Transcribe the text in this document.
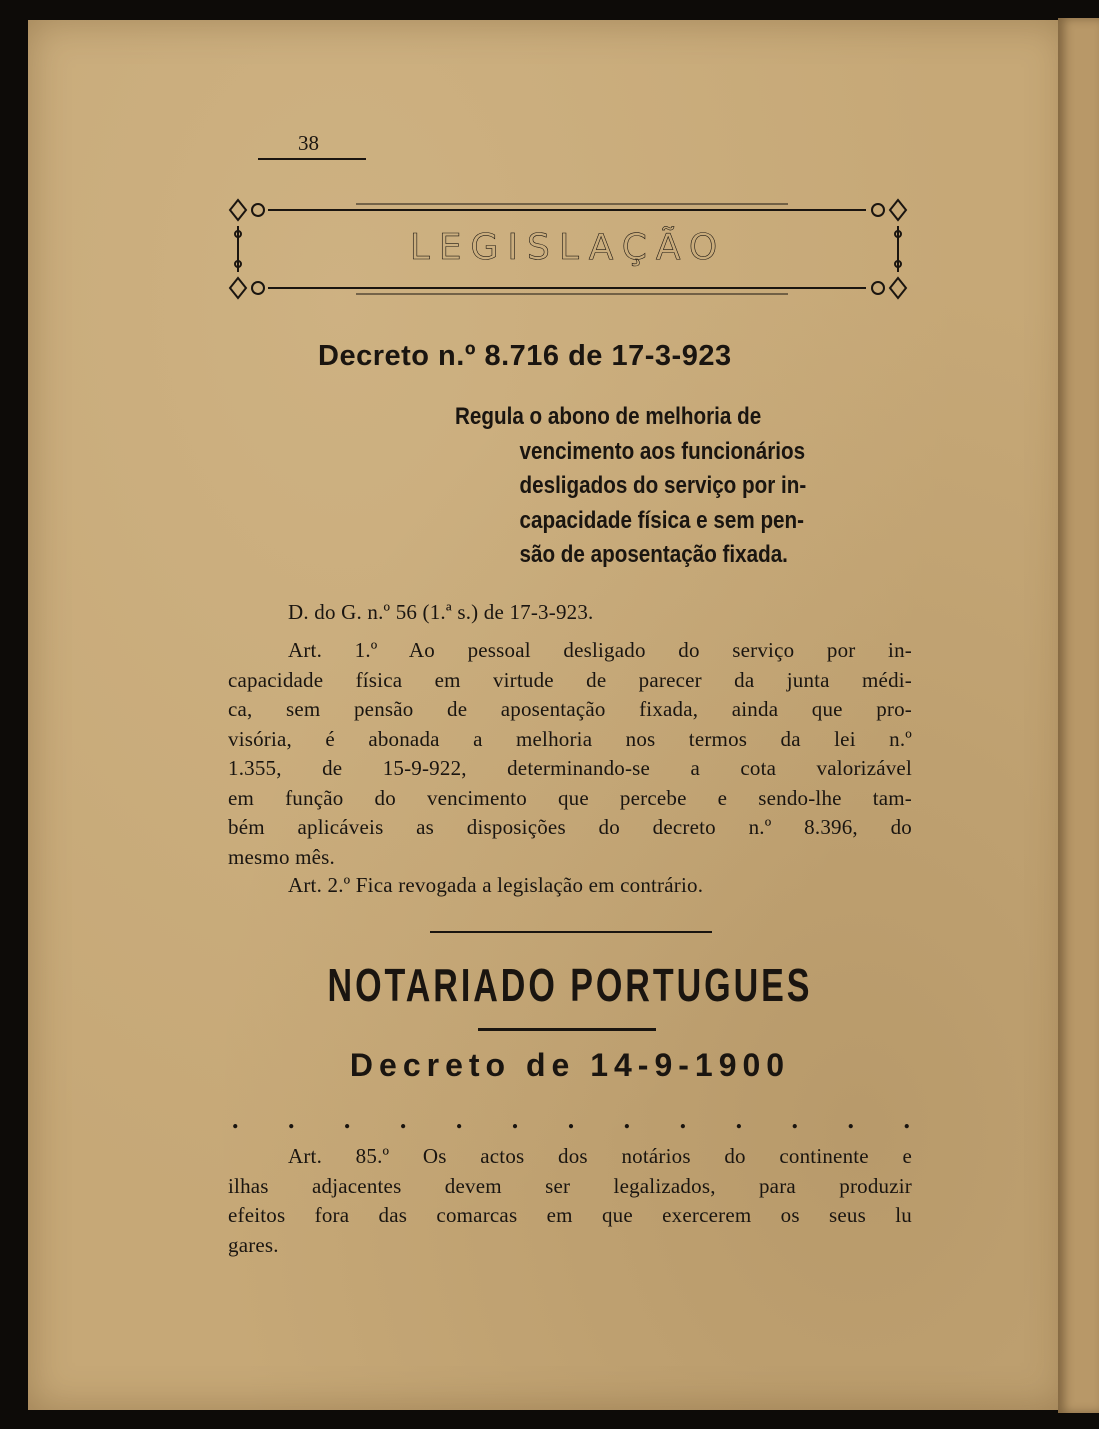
38
LEGISLAÇÃO
Decreto n.º 8.716 de 17-3-923
Regula o abono de melhoria de
vencimento aos funcionários
desligados do serviço por in-
capacidade física e sem pen-
são de aposentação fixada.
D. do G. n.º 56 (1.ª s.) de 17-3-923.
Art. 1.º Ao pessoal desligado do serviço por in-
capacidade física em virtude de parecer da junta médi-
ca, sem pensão de aposentação fixada, ainda que pro-
visória, é abonada a melhoria nos termos da lei n.º
1.355, de 15-9-922, determinando-se a cota valorizável
em função do vencimento que percebe e sendo-lhe tam-
bém aplicáveis as disposições do decreto n.º 8.396, do
mesmo mês.
Art. 2.º Fica revogada a legislação em contrário.
NOTARIADO PORTUGUES
Decreto de 14-9-1900
. . . . . . . . . . . . .
Art. 85.º Os actos dos notários do continente e
ilhas adjacentes devem ser legalizados, para produzir
efeitos fora das comarcas em que exercerem os seus lu
gares.
